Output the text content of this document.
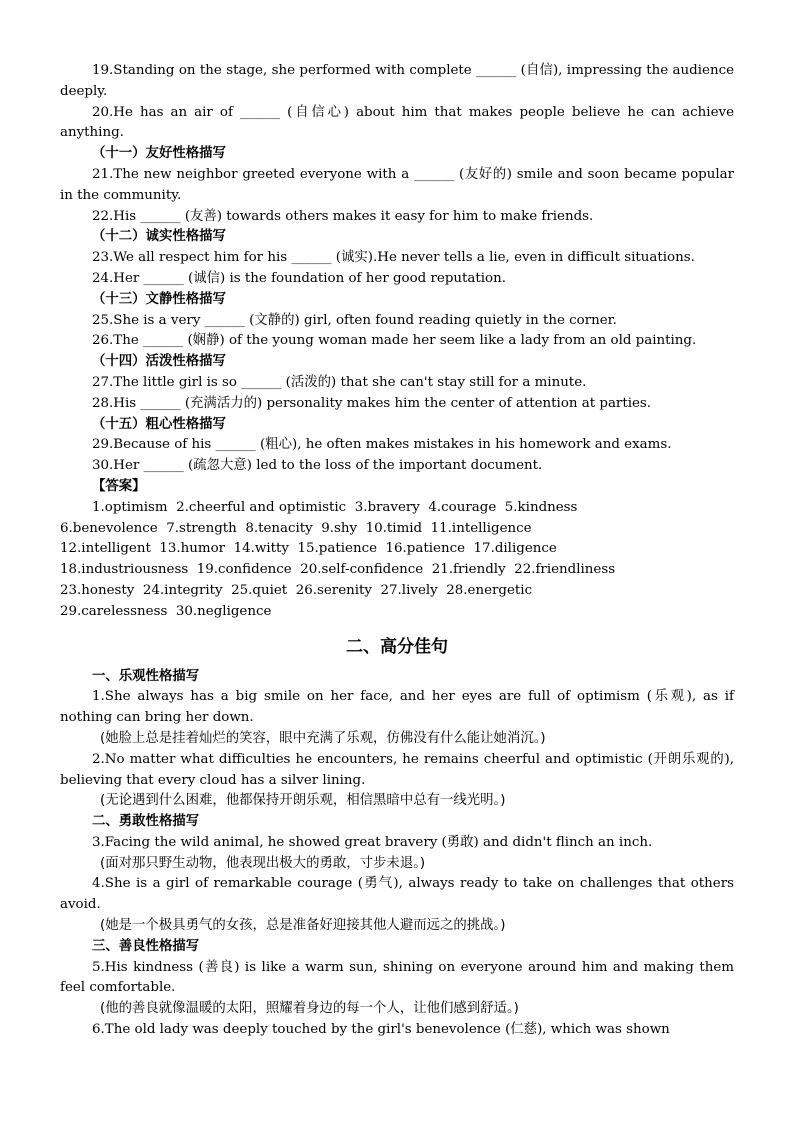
19.Standing on the stage, she performed with complete ______ (自信), impressing the audience deeply.

20.He has an air of ______ (自信心) about him that makes people believe he can achieve anything.

（十一）友好性格描写

21.The new neighbor greeted everyone with a ______ (友好的) smile and soon became popular in the community.

22.His ______ (友善) towards others makes it easy for him to make friends.

（十二）诚实性格描写

23.We all respect him for his ______ (诚实).He never tells a lie, even in difficult situations.

24.Her ______ (诚信) is the foundation of her good reputation.

（十三）文静性格描写

25.She is a very ______ (文静的) girl, often found reading quietly in the corner.

26.The ______ (娴静) of the young woman made her seem like a lady from an old painting.

（十四）活泼性格描写

27.The little girl is so ______ (活泼的) that she can't stay still for a minute.

28.His ______ (充满活力的) personality makes him the center of attention at parties.

（十五）粗心性格描写

29.Because of his ______ (粗心), he often makes mistakes in his homework and exams.

30.Her ______ (疏忽大意) led to the loss of the important document.

【答案】

1.optimism 2.cheerful and optimistic 3.bravery 4.courage 5.kindness

6.benevolence 7.strength 8.tenacity 9.shy 10.timid 11.intelligence

12.intelligent 13.humor 14.witty 15.patience 16.patience 17.diligence

18.industriousness 19.confidence 20.self-confidence 21.friendly 22.friendliness

23.honesty 24.integrity 25.quiet 26.serenity 27.lively 28.energetic

29.carelessness 30.negligence

二、高分佳句

一、乐观性格描写

1.She always has a big smile on her face, and her eyes are full of optimism (乐观), as if nothing can bring her down.

(她脸上总是挂着灿烂的笑容，眼中充满了乐观，仿佛没有什么能让她消沉。)

2.No matter what difficulties he encounters, he remains cheerful and optimistic (开朗乐观的), believing that every cloud has a silver lining.

(无论遇到什么困难，他都保持开朗乐观，相信黑暗中总有一线光明。)

二、勇敢性格描写

3.Facing the wild animal, he showed great bravery (勇敢) and didn't flinch an inch.

(面对那只野生动物，他表现出极大的勇敢，寸步未退。)

4.She is a girl of remarkable courage (勇气), always ready to take on challenges that others avoid.

(她是一个极具勇气的女孩，总是准备好迎接其他人避而远之的挑战。)

三、善良性格描写

5.His kindness (善良) is like a warm sun, shining on everyone around him and making them feel comfortable.

(他的善良就像温暖的太阳，照耀着身边的每一个人，让他们感到舒适。)

6.The old lady was deeply touched by the girl's benevolence (仁慈), which was shown
